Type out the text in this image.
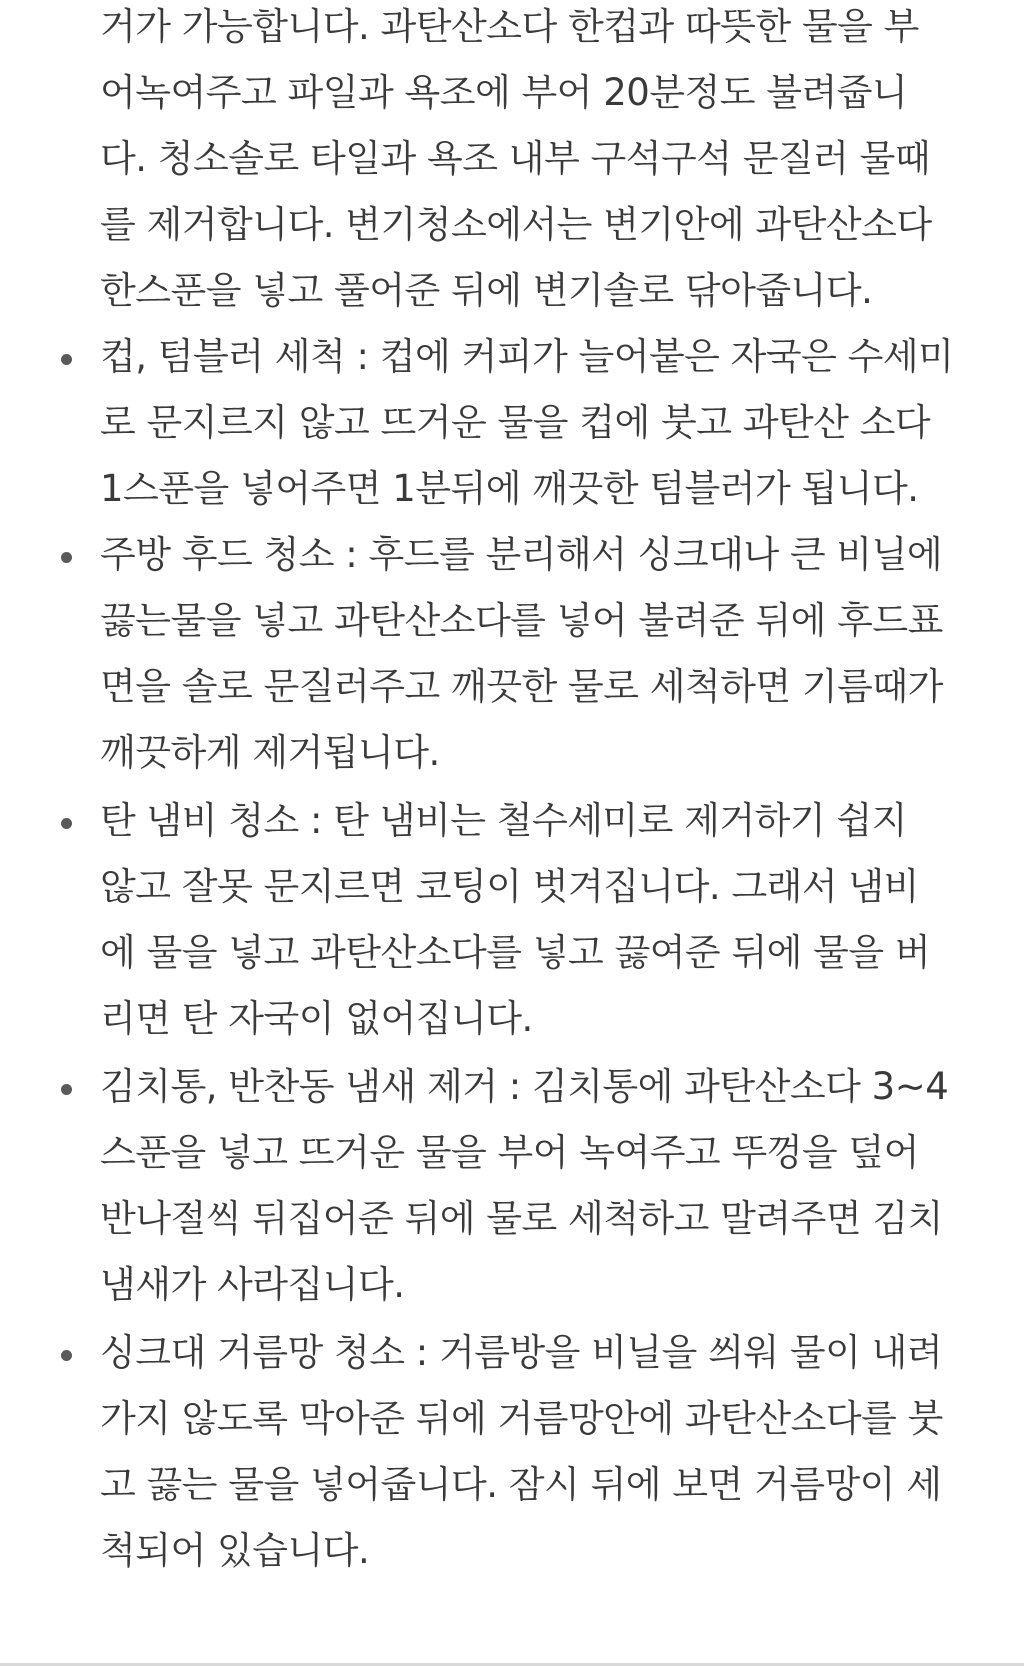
거가 가능합니다. 과탄산소다 한컵과 따뜻한 물을 부
어녹여주고 파일과 욕조에 부어 20분정도 불려줍니
다. 청소솔로 타일과 욕조 내부 구석구석 문질러 물때
를 제거합니다. 변기청소에서는 변기안에 과탄산소다
한스푼을 넣고 풀어준 뒤에 변기솔로 닦아줍니다.
컵, 텀블러 세척 : 컵에 커피가 늘어붙은 자국은 수세미
로 문지르지 않고 뜨거운 물을 컵에 붓고 과탄산 소다
1스푼을 넣어주면 1분뒤에 깨끗한 텀블러가 됩니다.
주방 후드 청소 : 후드를 분리해서 싱크대나 큰 비닐에
끓는물을 넣고 과탄산소다를 넣어 불려준 뒤에 후드표
면을 솔로 문질러주고 깨끗한 물로 세척하면 기름때가
깨끗하게 제거됩니다.
탄 냄비 청소 : 탄 냄비는 철수세미로 제거하기 쉽지
않고 잘못 문지르면 코팅이 벗겨집니다. 그래서 냄비
에 물을 넣고 과탄산소다를 넣고 끓여준 뒤에 물을 버
리면 탄 자국이 없어집니다.
김치통, 반찬동 냄새 제거 : 김치통에 과탄산소다 3~4
스푼을 넣고 뜨거운 물을 부어 녹여주고 뚜껑을 덮어
반나절씩 뒤집어준 뒤에 물로 세척하고 말려주면 김치
냄새가 사라집니다.
싱크대 거름망 청소 : 거름방을 비닐을 씌워 물이 내려
가지 않도록 막아준 뒤에 거름망안에 과탄산소다를 붓
고 끓는 물을 넣어줍니다. 잠시 뒤에 보면 거름망이 세
척되어 있습니다.
